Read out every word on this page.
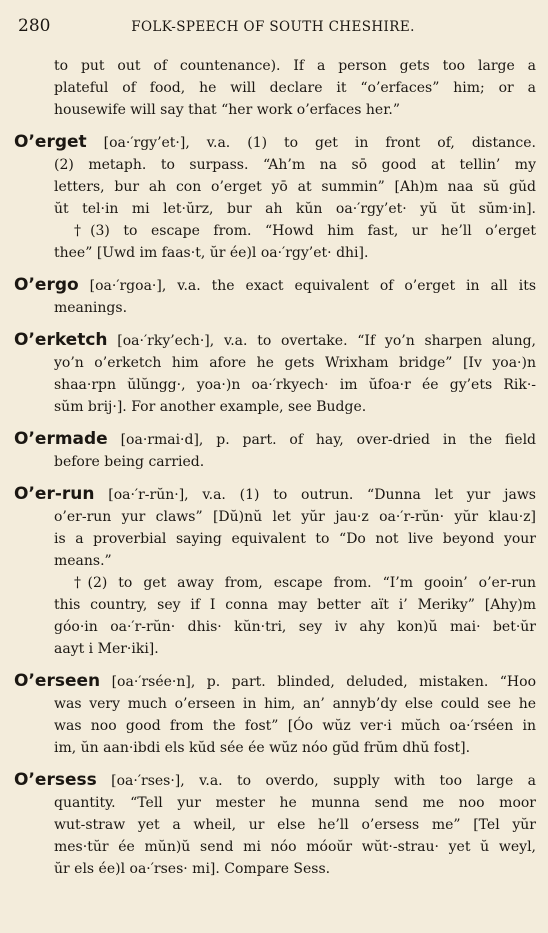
280	FOLK-SPEECH OF SOUTH CHESHIRE.
to put out of countenance). If a person gets too large a
plateful of food, he will declare it “o’erfaces” him; or a
housewife will say that “her work o’erfaces her.”
O’erget [oa·′rgy’et·], v.a. (1) to get in front of, distance.
(2) metaph. to surpass. “Ah’m na sō good at tellin’ my
letters, bur ah con o’erget yō at summin” [Ah)m naa sŭ gŭd
ŭt tel·in mi let·ŭrz, bur ah kŭn oa·′rgy’et· yŭ ŭt sŭm·in].
†(3) to escape from. “Howd him fast, ur he’ll o’erget
thee” [Uwd im faas·t, ŭr ée)l oa·′rgy’et· dhi].
O’ergo [oa·′rgoa·], v.a. the exact equivalent of o’erget in all its
meanings.
O’erketch [oa·′rky’ech·], v.a. to overtake. “If yo’n sharpen alung,
yo’n o’erketch him afore he gets Wrixham bridge” [Iv yoa·)n
shaa·rpn ŭlŭngg·, yoa·)n oa·′rkyech· im ŭfoa·r ée gy’ets Rik·-
sŭm brij·]. For another example, see Budge.
O’ermade [oa·rmai·d], p. part. of hay, over-dried in the field
before being carried.
O’er-run [oa·′r-rŭn·], v.a. (1) to outrun. “Dunna let yur jaws
o’er-run yur claws” [Dŭ)nŭ let yŭr jau·z oa·′r-rŭn· yŭr klau·z]
is a proverbial saying equivalent to “Do not live beyond your
means.”
†(2) to get away from, escape from. “I’m gooin’ o’er-run
this country, sey if I conna may better aït i’ Meriky” [Ahy)m
góo·in oa·′r-rŭn· dhis· kŭn·tri, sey iv ahy kon)ŭ mai· bet·ŭr
aayt i Mer·iki].
O’erseen [oa·′rsée·n], p. part. blinded, deluded, mistaken. “Hoo
was very much o’erseen in him, an’ annyb’dy else could see he
was noo good from the fost” [Óo wŭz ver·i mŭch oa·′rséen in
im, ŭn aan·ibdi els kŭd sée ée wŭz nóo gŭd frŭm dhŭ fost].
O’ersess [oa·′rses·], v.a. to overdo, supply with too large a
quantity. “Tell yur mester he munna send me noo moor
wut-straw yet a wheil, ur else he’ll o’ersess me” [Tel yŭr
mes·tŭr ée mŭn)ŭ send mi nóo móoŭr wŭt·-strau· yet ŭ weyl,
ŭr els ée)l oa·′rses· mi]. Compare Sess.
